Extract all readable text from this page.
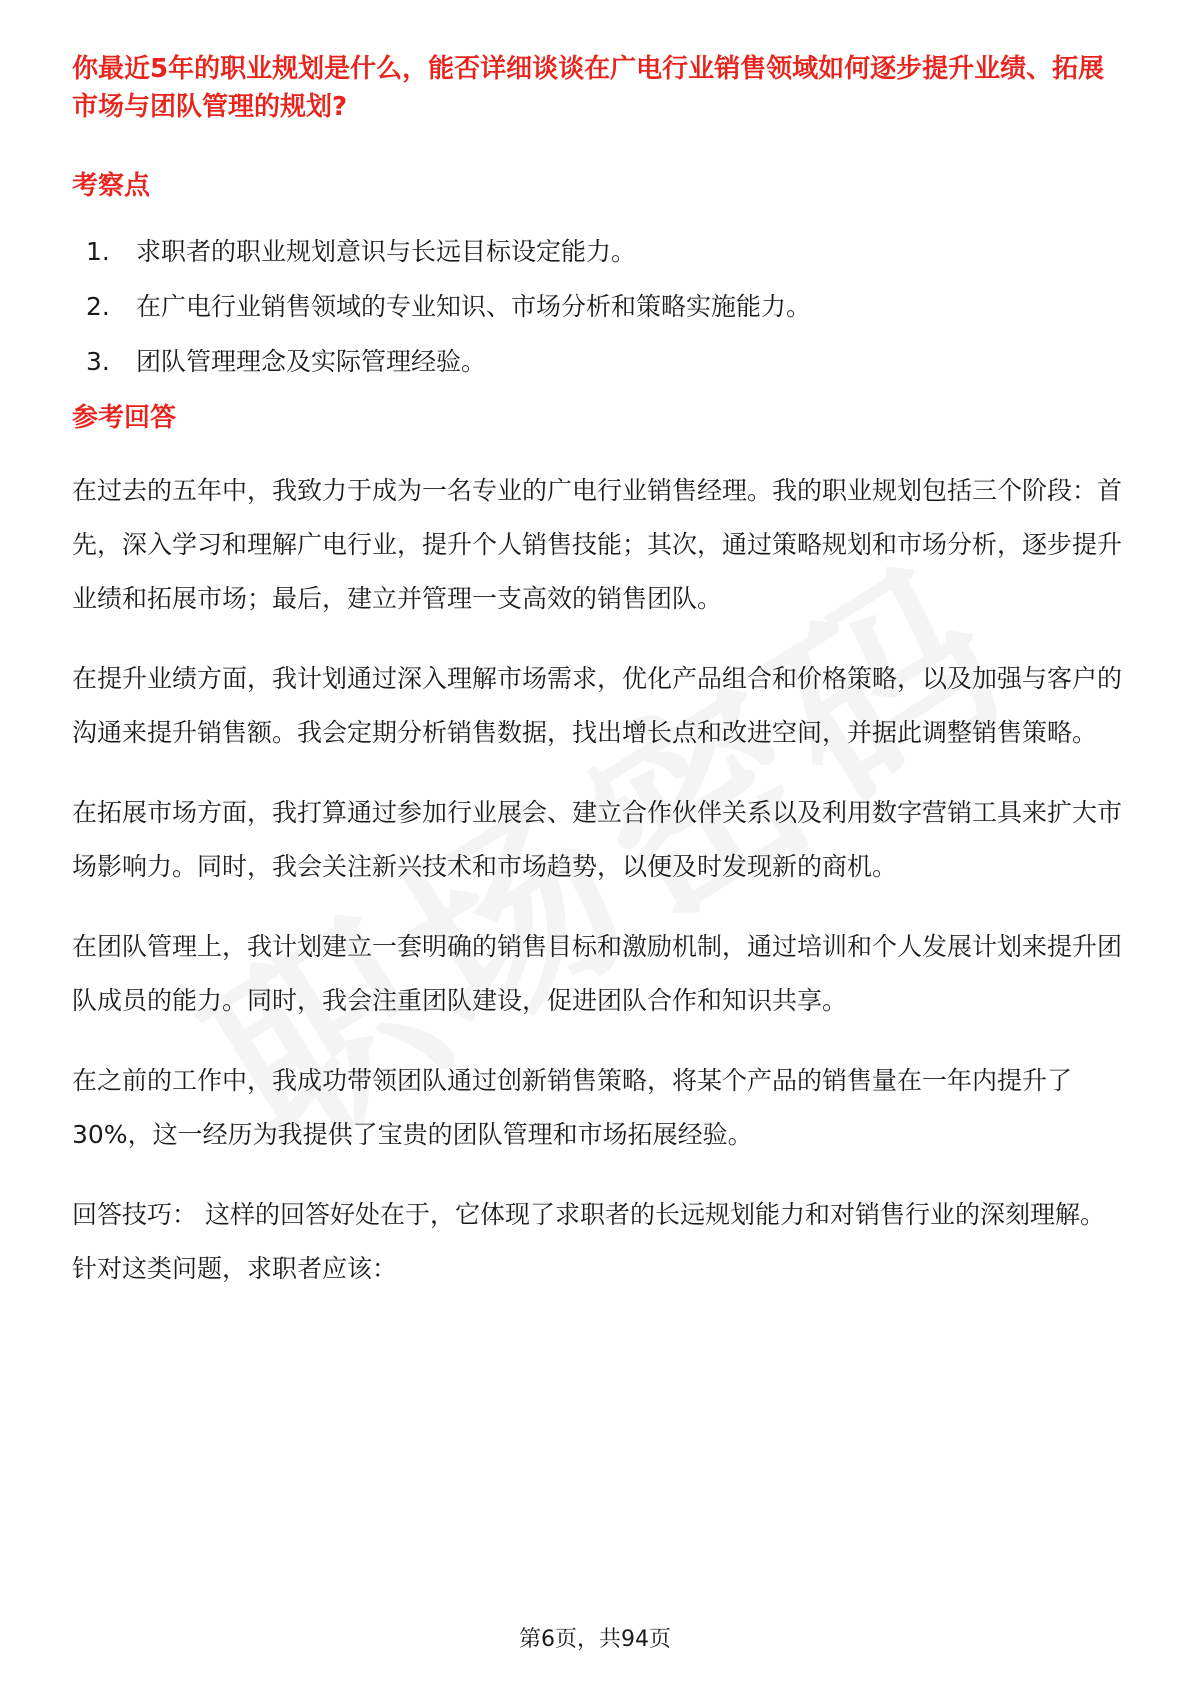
你最近5年的职业规划是什么，能否详细谈谈在广电行业销售领域如何逐步提升业绩、拓展市场与团队管理的规划?
考察点
1.	求职者的职业规划意识与长远目标设定能力。
2.	在广电行业销售领域的专业知识、市场分析和策略实施能力。
3.	团队管理理念及实际管理经验。
参考回答

在过去的五年中，我致力于成为一名专业的广电行业销售经理。我的职业规划包括三个阶段：首先，深入学习和理解广电行业，提升个人销售技能；其次，通过策略规划和市场分析，逐步提升业绩和拓展市场；最后，建立并管理一支高效的销售团队。

在提升业绩方面，我计划通过深入理解市场需求，优化产品组合和价格策略，以及加强与客户的沟通来提升销售额。我会定期分析销售数据，找出增长点和改进空间，并据此调整销售策略。

在拓展市场方面，我打算通过参加行业展会、建立合作伙伴关系以及利用数字营销工具来扩大市场影响力。同时，我会关注新兴技术和市场趋势，以便及时发现新的商机。

在团队管理上，我计划建立一套明确的销售目标和激励机制，通过培训和个人发展计划来提升团队成员的能力。同时，我会注重团队建设，促进团队合作和知识共享。

在之前的工作中，我成功带领团队通过创新销售策略，将某个产品的销售量在一年内提升了30%，这一经历为我提供了宝贵的团队管理和市场拓展经验。

回答技巧： 这样的回答好处在于，它体现了求职者的长远规划能力和对销售行业的深刻理解。针对这类问题，求职者应该：

第6页，共94页
